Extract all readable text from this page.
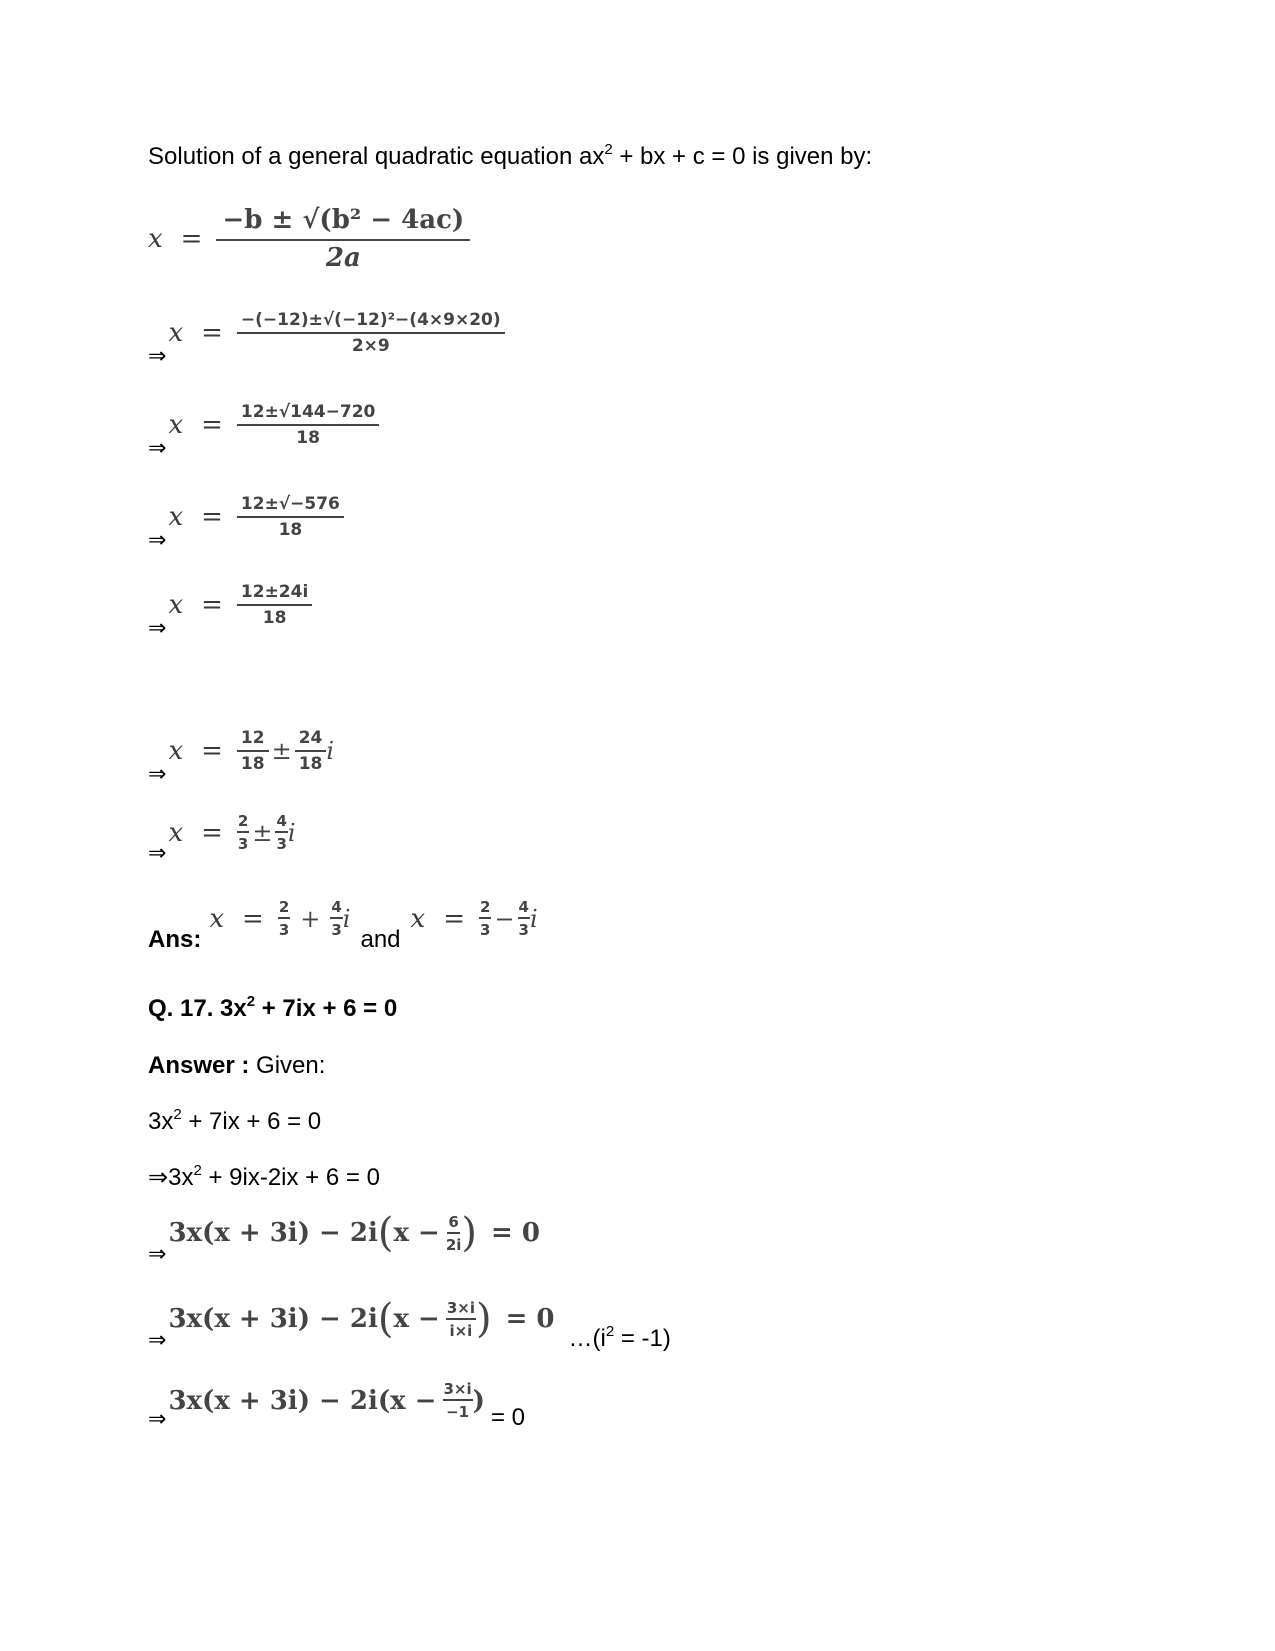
Solution of a general quadratic equation $ax^2$ + bx + c = 0 is given by:
$x = \frac{\text{−b ± √(b² − 4ac)}}{2a}$
⇒
$x = \frac{\text{−(−12)±√(−12)²−(4×9×20)}}{2\times 9}$
⇒
$x = \frac{12\pm√144-720}{18}$
⇒
$x = \frac{12\pm√-576}{18}$
⇒
$x = \frac{12\pm 24i}{18}$
⇒
$x = \frac{12}{18} \pm \frac{24}{18}$ i
⇒
$x = \frac{2}{3} \pm \frac{4}{3}$ i
Ans:
$x = \frac{2}{3} + \frac{4}{3}$ i
and
$x = \frac{2}{3} - \frac{4}{3}$ i
Q. 17. $3x^2 + 7ix + 6 = 0$
Answer : Given:
$3x^2 + 7ix + 6 = 0$
$\Rightarrow 3x^2 + 9ix-2ix + 6 = 0$
⇒
3x(x + 3i) − 2i ( $x - \frac{6}{2i}$ ) = 0
⇒
3x(x + 3i) − 2i ( $x - \frac{3\times i}{i\times i}$ ) = 0
$\dots(i^2 = -1)$
⇒
$3x(x + 3i) - 2i(x - \frac{3\times i}{-1}$ )
= 0
